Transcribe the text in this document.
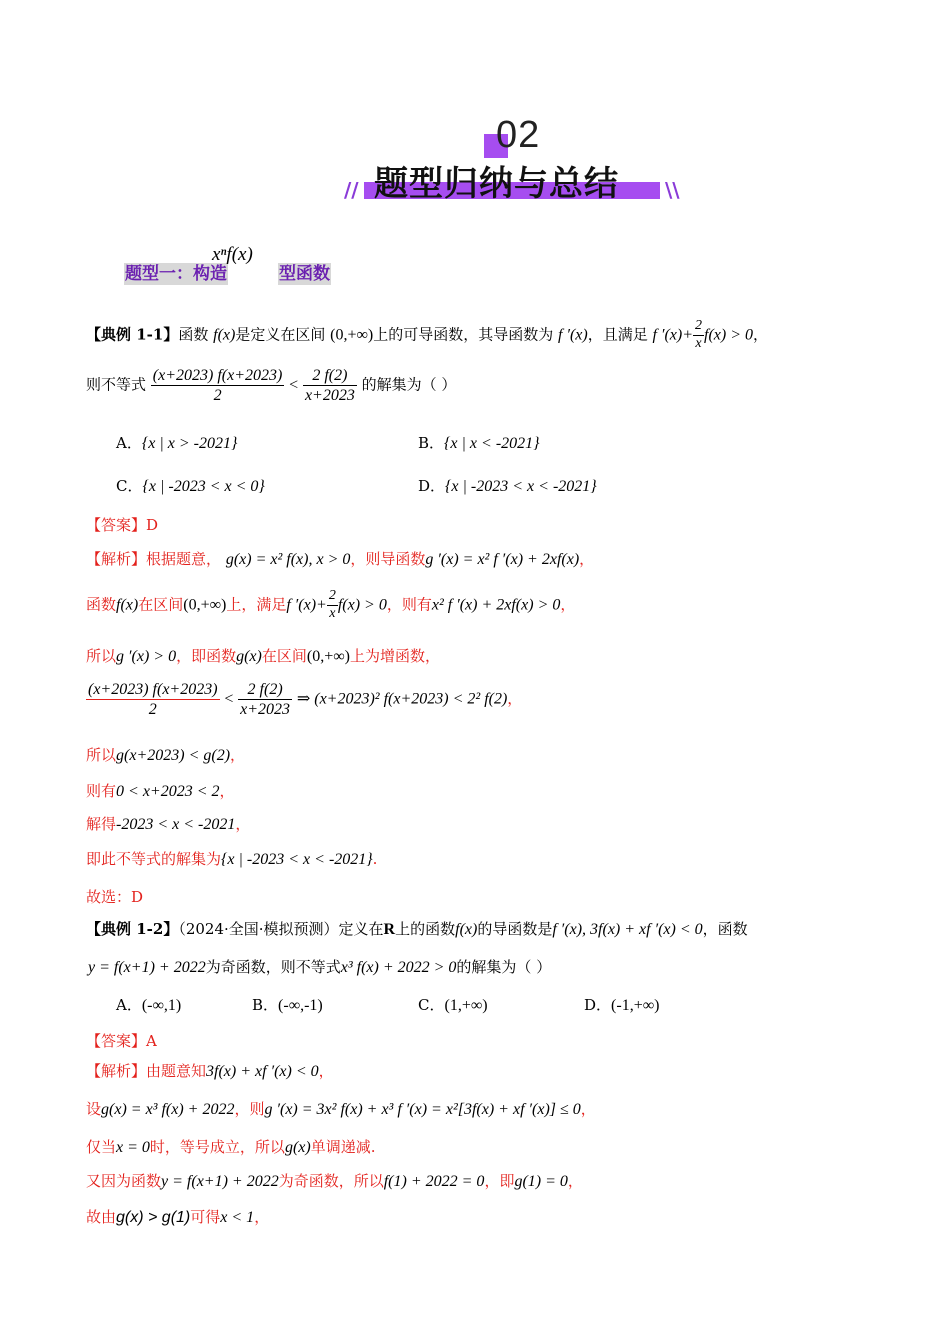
02
题型归纳与总结
//	\\
题型一：构造
xⁿf(x)
型函数
【典例 1-1】函数 f(x)是定义在区间 (0,+∞)上的可导函数，其导函数为 f ′(x)，且满足 f $'(x)+ \frac{2}{x} f(x) > 0$，
则不等式 $\frac{(x+2023) f(x+2023)}{2} < \frac{2 f(2)}{x+2023}$ 的解集为（ ）
A．{x | x > -2021}	B．{x | x < -2021}
C．{x | -2023 < x < 0}	D．{x | -2023 < x < -2021}
【答案】D
【解析】根据题意， g(x) = x² f(x), x > 0，则导函数g ′(x) = x² f ′(x) + 2xf(x)，
函数f(x)在区间(0,+∞)上，满足f $'(x)+ \frac{2}{x} f(x) > 0$，则有x² f ′(x) + 2xf(x) > 0，
所以g ′(x) > 0，即函数g(x)在区间(0,+∞)上为增函数，
$\frac{(x+2023) f(x+2023)}{2} < \frac{2 f(2)}{x+2023}$ ⇒ (x+2023)² f(x+2023) < 2² f(2)，
所以g(x+2023) < g(2)，
则有0 < x+2023 < 2，
解得-2023 < x < -2021，
即此不等式的解集为{x | -2023 < x < -2021}.
故选：D
【典例 1-2】（2024·全国·模拟预测）定义在R上的函数f(x)的导函数是f ′(x), 3f(x) + xf ′(x) < 0，函数
y = f(x+1) + 2022为奇函数，则不等式x³ f(x) + 2022 > 0的解集为（ ）
A．(-∞,1)	B．(-∞,-1)	C．(1,+∞)	D．(-1,+∞)
【答案】A
【解析】由题意知3f(x) + xf ′(x) < 0，
设g(x) = x³ f(x) + 2022，则g ′(x) = 3x² f(x) + x³ f ′(x) = x²[3f(x) + xf ′(x)] ≤ 0，
仅当x = 0时，等号成立，所以g(x)单调递减.
又因为函数y = f(x+1) + 2022为奇函数，所以f(1) + 2022 = 0，即g(1) = 0，
故由g(x) > g(1)可得x < 1，
